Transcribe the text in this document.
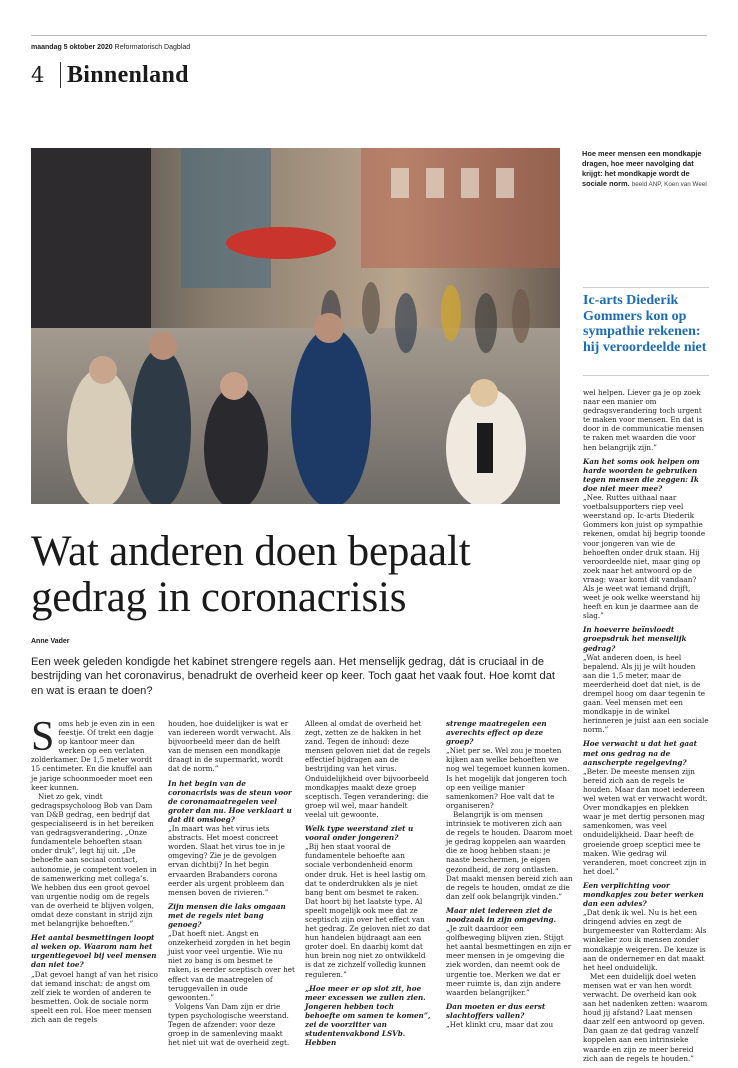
maandag 5 oktober 2020 Reformatorisch Dagblad
4 Binnenland
Hoe meer mensen een mondkapje dragen, hoe meer navolging dat krijgt: het mondkapje wordt de sociale norm. beeld ANP, Koen van Weel
Wat anderen doen bepaalt
gedrag in coronacrisis
Anne Vader
Een week geleden kondigde het kabinet strengere regels aan. Het menselijk gedrag, dát is cruciaal in de bestrijding van het coronavirus, benadrukt de overheid keer op keer. Toch gaat het vaak fout. Hoe komt dat en wat is eraan te doen?

Soms heb je even zin in een feestje. Of trekt een dagje op kantoor meer dan werken op een verlaten zolderkamer. De 1,5 meter wordt 15 centimeter. En die knuffel aan je jarige schoonmoeder moet een keer kunnen.

Niet zo gek, vindt gedragspsycholoog Bob van Dam van D&B gedrag, een bedrijf dat gespecialiseerd is in het bereiken van gedragsverandering. „Onze fundamentele behoeften staan onder druk”, legt hij uit. „De behoefte aan sociaal contact, autonomie, je competent voelen in de samenwerking met collega’s. We hebben dus een groot gevoel van urgentie nodig om de regels van de overheid te blijven volgen, omdat deze constant in strijd zijn met belangrijke behoeften.”

Het aantal besmettingen loopt al weken op. Waarom nam het urgentiegevoel bij veel mensen dan niet toe?

„Dat gevoel hangt af van het risico dat iemand inschat: de angst om zelf ziek te worden of anderen te besmetten. Ook de sociale norm speelt een rol. Hoe meer mensen zich aan de regels

houden, hoe duidelijker is wat er van iedereen wordt verwacht. Als bijvoorbeeld meer dan de helft van de mensen een mondkapje draagt in de supermarkt, wordt dat de norm.”

In het begin van de coronacrisis was de steun voor de coronamaatregelen veel groter dan nu. Hoe verklaart u dat dit omsloeg?

„In maart was het virus iets abstracts. Het moest concreet worden. Slaat het virus toe in je omgeving? Zie je de gevolgen ervan dichtbij? In het begin ervaarden Brabanders corona eerder als urgent probleem dan mensen boven de rivieren.”

Zijn mensen die laks omgaan met de regels niet bang genoeg?

„Dat hoeft niet. Angst en onzekerheid zorgden in het begin juist voor veel urgentie. Wie nu niet zo bang is om besmet te raken, is eerder sceptisch over het effect van de maatregelen of teruggevallen in oude gewoonten.”

Volgens Van Dam zijn er drie typen psychologische weerstand. Tegen de afzender: voor deze groep in de samenleving maakt het niet uit wat de overheid zegt.

Alleen al omdat de overheid het zegt, zetten ze de hakken in het zand. Tegen de inhoud: deze mensen geloven niet dat de regels effectief bijdragen aan de bestrijding van het virus. Onduidelijkheid over bijvoorbeeld mondkapjes maakt deze groep sceptisch. Tegen verandering: die groep wil wel, maar handelt veelal uit gewoonte.

Welk type weerstand ziet u vooral onder jongeren?

„Bij hen staat vooral de fundamentele behoefte aan sociale verbondenheid enorm onder druk. Het is heel lastig om dat te onderdrukken als je niet bang bent om besmet te raken. Dat hoort bij het laatste type. Al speelt mogelijk ook mee dat ze sceptisch zijn over het effect van het gedrag. Ze geloven niet zo dat hun handelen bijdraagt aan een groter doel. En daarbij komt dat hun brein nog niet zo ontwikkeld is dat ze zichzelf volledig kunnen reguleren.”

„Hoe meer er op slot zit, hoe meer excessen we zullen zien. Jongeren hebben toch behoefte om samen te komen”, zei de voorzitter van studentenvakbond LSVb. Hebben

strenge maatregelen een averechts effect op deze groep?

„Niet per se. Wel zou je moeten kijken aan welke behoeften we nog wel tegemoet kunnen komen. Is het mogelijk dat jongeren toch op een veilige manier samenkomen? Hoe valt dat te organiseren?

Belangrijk is om mensen intrinsiek te motiveren zich aan de regels te houden. Daarom moet je gedrag koppelen aan waarden die ze hoog hebben staan: je naaste beschermen, je eigen gezondheid, de zorg ontlasten. Dat maakt mensen bereid zich aan de regels te houden, omdat ze die dan zelf ook belangrijk vinden.”

Maar niet iedereen ziet de noodzaak in zijn omgeving.

„Je zult daardoor een golfbeweging blijven zien. Stijgt het aantal besmettingen en zijn er meer mensen in je omgeving die ziek worden, dan neemt ook de urgentie toe. Merken we dat er meer ruimte is, dan zijn andere waarden belangrijker.”

Dan moeten er dus eerst slachtoffers vallen?

„Het klinkt cru, maar dat zou

Ic-arts Diederik Gommers kon op sympathie rekenen: hij veroordeelde niet

wel helpen. Liever ga je op zoek naar een manier om gedragsverandering toch urgent te maken voor mensen. En dat is door in de communicatie mensen te raken met waarden die voor hen belangrijk zijn.”

Kan het soms ook helpen om harde woorden te gebruiken tegen mensen die zeggen: Ik doe niet meer mee?

„Nee. Ruttes uithaal naar voetbalsupporters riep veel weerstand op. Ic-arts Diederik Gommers kon juist op sympathie rekenen, omdat hij begrip toonde voor jongeren van wie de behoeften onder druk staan. Hij veroordeelde niet, maar ging op zoek naar het antwoord op de vraag: waar komt dit vandaan? Als je weet wat iemand drijft, weet je ook welke weerstand hij heeft en kun je daarmee aan de slag.”

In hoeverre beïnvloedt groepsdruk het menselijk gedrag?

„Wat anderen doen, is heel bepalend. Als jij je wilt houden aan die 1,5 meter, maar de meerderheid doet dat niet, is de drempel hoog om daar tegenin te gaan. Veel mensen met een mondkapje in de winkel herinneren je juist aan een sociale norm.”

Hoe verwacht u dat het gaat met ons gedrag na de aanscherpte regelgeving?

„Beter. De meeste mensen zijn bereid zich aan de regels te houden. Maar dan moet iedereen wel weten wat er verwacht wordt. Over mondkapjes en plekken waar je met dertig personen mag samenkomen, was veel onduidelijkheid. Daar heeft de groeiende groep sceptici mee te maken. Wie gedrag wil veranderen, moet concreet zijn in het doel.”

Een verplichting voor mondkapjes zou beter werken dan een advies?

„Dat denk ik wel. Nu is het een dringend advies en zegt de burgemeester van Rotterdam: Als winkelier zou ik mensen zonder mondkapje weigeren. De keuze is aan de ondernemer en dat maakt het heel onduidelijk.

Met een duidelijk doel weten mensen wat er van hen wordt verwacht. De overheid kan ook aan het nadenken zetten: waarom houd jij afstand? Laat mensen daar zelf een antwoord op geven. Dan gaan ze dat gedrag vanzelf koppelen aan een intrinsieke waarde en zijn ze meer bereid zich aan de regels te houden.”
